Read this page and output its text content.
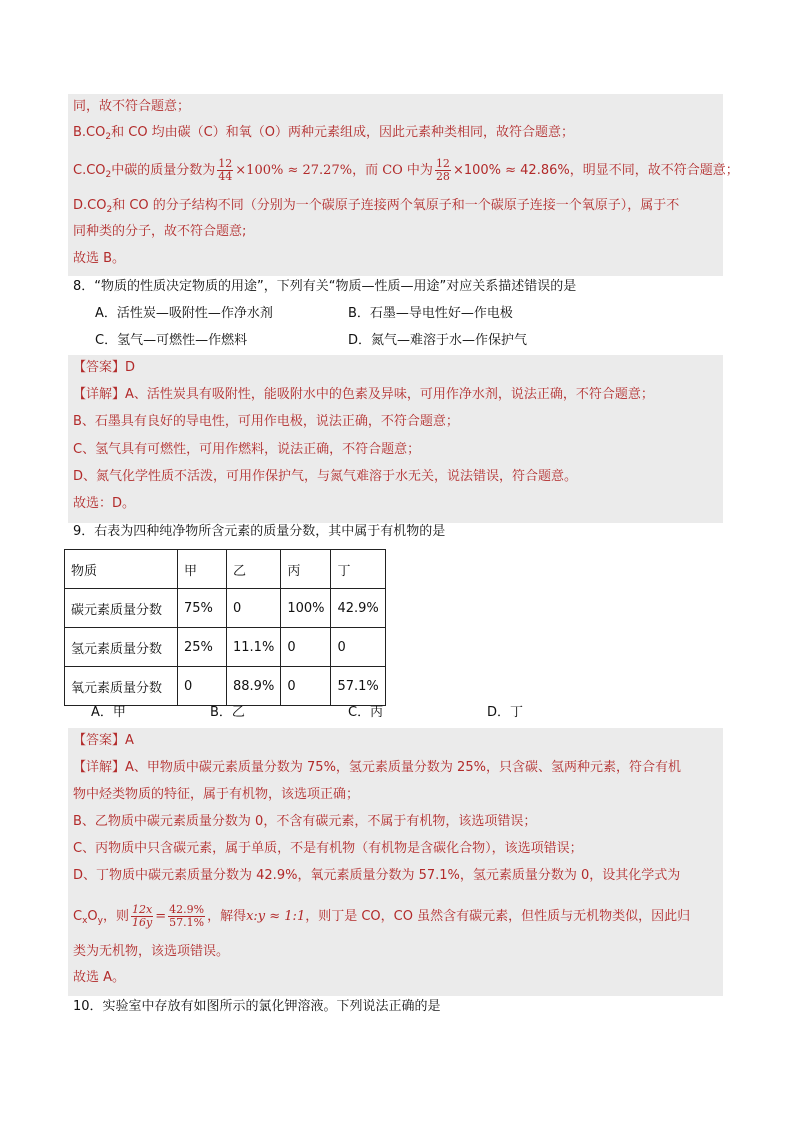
同，故不符合题意；
$B.CO_2$和 CO 均由碳（C）和氧（O）两种元素组成，因此元素种类相同，故符合题意；
$C.CO_2$中碳的质量分数为 $\frac{12}{44} \times 100\% \approx 27.27\%$，而 CO 中为 $\frac{12}{28} \times 100\% \approx 42.86\%$，明显不同，故不符合题意；
$D.CO_2$和 CO 的分子结构不同（分别为一个碳原子连接两个氧原子和一个碳原子连接一个氧原子），属于不
同种类的分子，故不符合题意;
故选 B。
8．“物质的性质决定物质的用途”，下列有关“物质—性质—用途”对应关系描述错误的是
A．活性炭—吸附性—作净水剂	B．石墨—导电性好—作电极
C．氢气—可燃性—作燃料	D．氮气—难溶于水—作保护气
【答案】D
【详解】A、活性炭具有吸附性，能吸附水中的色素及异味，可用作净水剂，说法正确，不符合题意；
B、石墨具有良好的导电性，可用作电极，说法正确，不符合题意；
C、氢气具有可燃性，可用作燃料，说法正确，不符合题意；
D、氮气化学性质不活泼，可用作保护气，与氮气难溶于水无关，说法错误，符合题意。
故选：D。
9．右表为四种纯净物所含元素的质量分数，其中属于有机物的是
物质	甲	乙	丙	丁
碳元素质量分数	75%	0	100%	42.9%
氢元素质量分数	25%	11.1%	0	0
氧元素质量分数	0	88.9%	0	57.1%
A．甲	B．乙	C．丙	D．丁
【答案】A
【详解】A、甲物质中碳元素质量分数为 75%，氢元素质量分数为 25%，只含碳、氢两种元素，符合有机
物中烃类物质的特征，属于有机物，该选项正确；
B、乙物质中碳元素质量分数为 0，不含有碳元素，不属于有机物，该选项错误；
C、丙物质中只含碳元素，属于单质，不是有机物（有机物是含碳化合物），该选项错误；
D、丁物质中碳元素质量分数为 42.9%，氧元素质量分数为 57.1%，氢元素质量分数为 0，设其化学式为
$C_xO_y$，则 $\frac{12x}{16y} = \frac{42.9\%}{57.1\%}$ ，解得x:y ≈ 1:1，则丁是 CO，CO 虽然含有碳元素，但性质与无机物类似，因此归
类为无机物，该选项错误。
故选 A。
10．实验室中存放有如图所示的氯化钾溶液。下列说法正确的是
